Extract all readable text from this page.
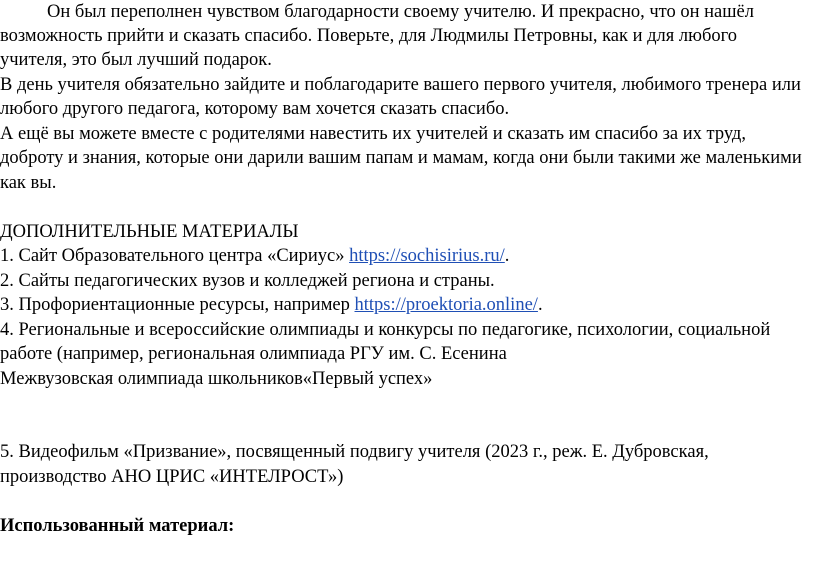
Он был переполнен чувством благодарности своему учителю. И прекрасно, что он нашёл
возможность прийти и сказать спасибо. Поверьте, для Людмилы Петровны, как и для любого
учителя, это был лучший подарок.
В день учителя обязательно зайдите и поблагодарите вашего первого учителя, любимого тренера или
любого другого педагога, которому вам хочется сказать спасибо.
А ещё вы можете вместе с родителями навестить их учителей и сказать им спасибо за их труд,
доброту и знания, которые они дарили вашим папам и мамам, когда они были такими же маленькими
как вы.
ДОПОЛНИТЕЛЬНЫЕ МАТЕРИАЛЫ
1. Сайт Образовательного центра «Сириус» https://sochisirius.ru/.
2. Сайты педагогических вузов и колледжей региона и страны.
3. Профориентационные ресурсы, например https://proektoria.online/.
4. Региональные и всероссийские олимпиады и конкурсы по педагогике, психологии, социальной
работе (например, региональная олимпиада РГУ им. С. Есенина
Межвузовская олимпиада школьников«Первый успех»
5. Видеофильм «Призвание», посвященный подвигу учителя (2023 г., реж. Е. Дубровская,
производство АНО ЦРИС «ИНТЕЛРОСТ»)
Использованный материал:
